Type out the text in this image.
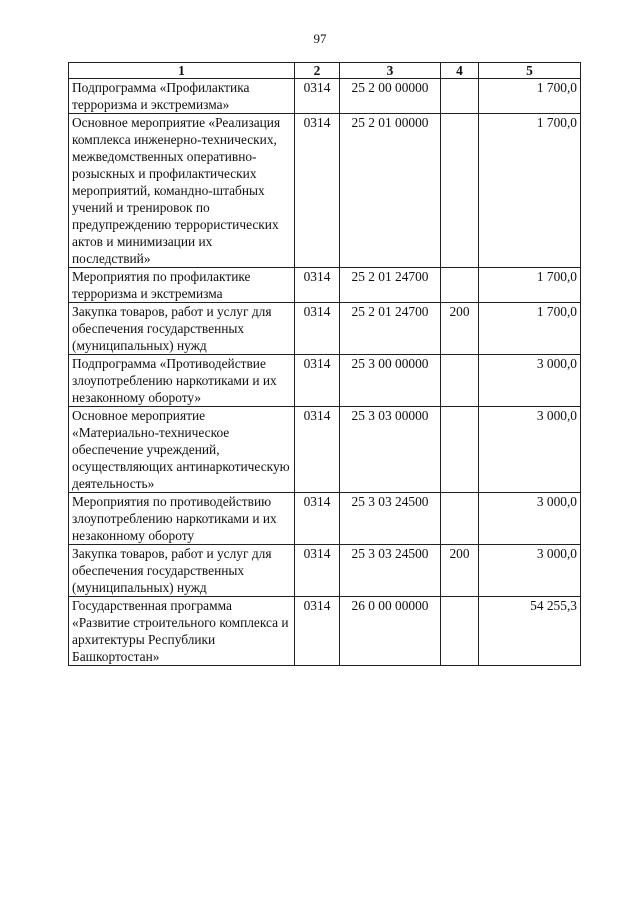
97
1	2	3	4	5
Подпрограмма «Профилактика терроризма и экстремизма»	0314	25 2 00 00000		1 700,0
Основное мероприятие «Реализация комплекса инженерно-технических, межведомственных оперативно-розыскных и профилактических мероприятий, командно-штабных учений и тренировок по предупреждению террористических актов и минимизации их последствий»	0314	25 2 01 00000		1 700,0
Мероприятия по профилактике терроризма и экстремизма	0314	25 2 01 24700		1 700,0
Закупка товаров, работ и услуг для обеспечения государственных (муниципальных) нужд	0314	25 2 01 24700	200	1 700,0
Подпрограмма «Противодействие злоупотреблению наркотиками и их незаконному обороту»	0314	25 3 00 00000		3 000,0
Основное мероприятие «Материально-техническое обеспечение учреждений, осуществляющих антинаркотическую деятельность»	0314	25 3 03 00000		3 000,0
Мероприятия по противодействию злоупотреблению наркотиками и их незаконному обороту	0314	25 3 03 24500		3 000,0
Закупка товаров, работ и услуг для обеспечения государственных (муниципальных) нужд	0314	25 3 03 24500	200	3 000,0
Государственная программа «Развитие строительного комплекса и архитектуры Республики Башкортостан»	0314	26 0 00 00000		54 255,3
